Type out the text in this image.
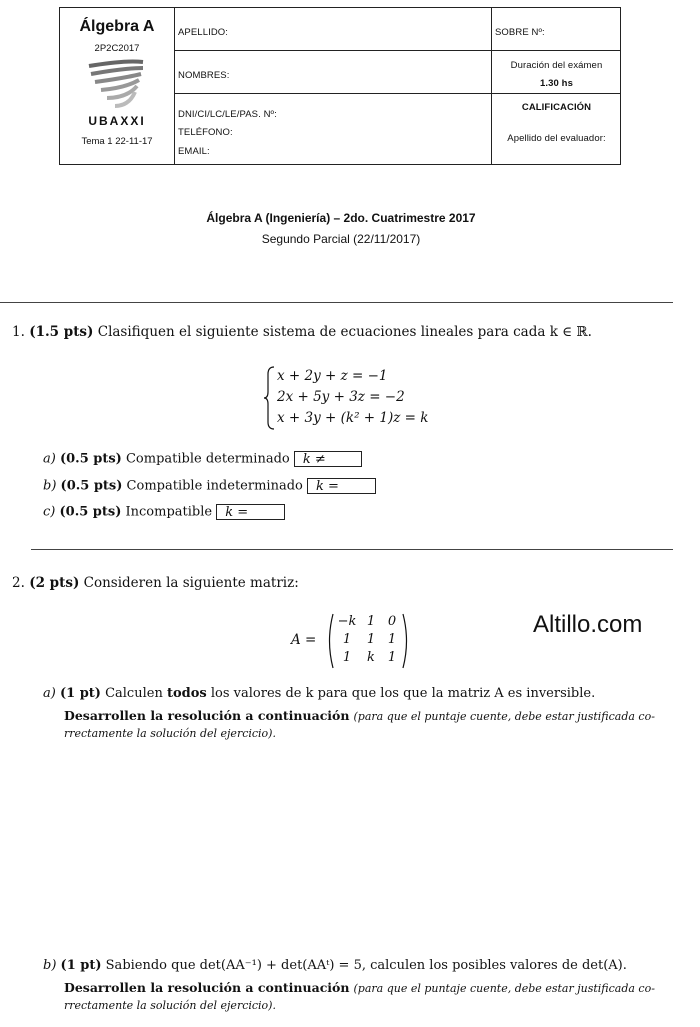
Álgebra A
2P2C2017
UBAXXI
Tema 1 22-11-17
APELLIDO:
NOMBRES:
DNI/CI/LC/LE/PAS. Nº:
TELÉFONO:
EMAIL:
SOBRE Nº:
Duración del exámen
1.30 hs
CALIFICACIÓN
Apellido del evaluador:
Álgebra A (Ingeniería) – 2do. Cuatrimestre 2017
Segundo Parcial (22/11/2017)
1. (1.5 pts) Clasifiquen el siguiente sistema de ecuaciones lineales para cada k ∈ ℝ.
x + 2y + z = −1
2x + 5y + 3z = −2
x + 3y + (k² + 1)z = k
a) (0.5 pts) Compatible determinado k ≠
b) (0.5 pts) Compatible indeterminado k =
c) (0.5 pts) Incompatible k =
2. (2 pts) Consideren la siguiente matriz:
A =
−k 1 0
1	1 1
1	k 1
Altillo.com
a) (1 pt) Calculen todos los valores de k para que los que la matriz A es inversible.
Desarrollen la resolución a continuación (para que el puntaje cuente, debe estar justificada co-
rrectamente la solución del ejercicio).
b) (1 pt) Sabiendo que det(AA⁻¹) + det(AAᵗ) = 5, calculen los posibles valores de det(A).
Desarrollen la resolución a continuación (para que el puntaje cuente, debe estar justificada co-
rrectamente la solución del ejercicio).
